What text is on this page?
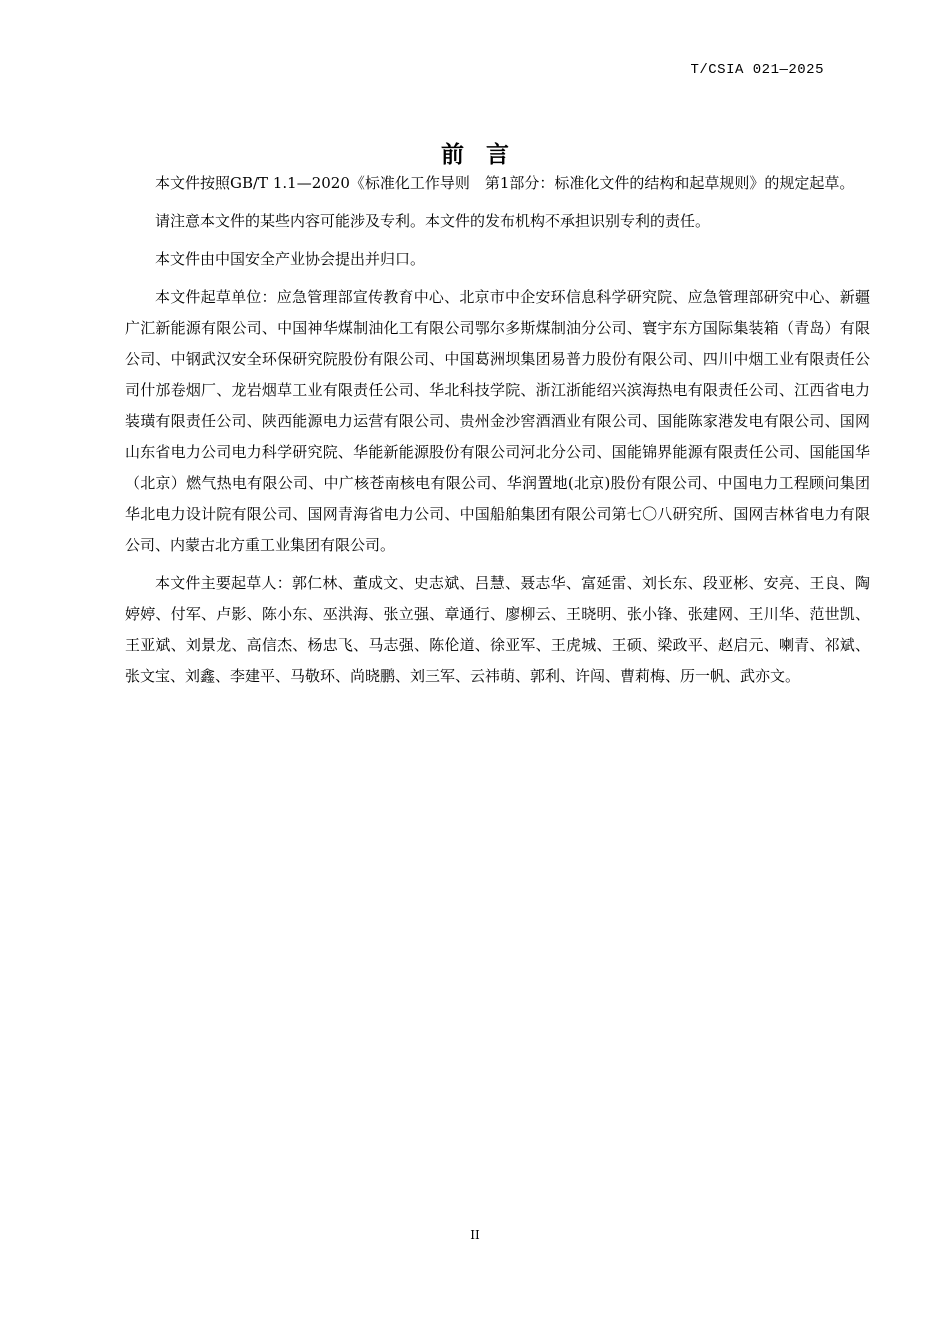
T/CSIA 021—2025
前言

本文件按照GB/T 1.1—2020《标准化工作导则　第1部分：标准化文件的结构和起草规则》的规定起草。

请注意本文件的某些内容可能涉及专利。本文件的发布机构不承担识别专利的责任。

本文件由中国安全产业协会提出并归口。

本文件起草单位：应急管理部宣传教育中心、北京市中企安环信息科学研究院、应急管理部研究中心、新疆广汇新能源有限公司、中国神华煤制油化工有限公司鄂尔多斯煤制油分公司、寰宇东方国际集装箱（青岛）有限公司、中钢武汉安全环保研究院股份有限公司、中国葛洲坝集团易普力股份有限公司、四川中烟工业有限责任公司什邡卷烟厂、龙岩烟草工业有限责任公司、华北科技学院、浙江浙能绍兴滨海热电有限责任公司、江西省电力装璜有限责任公司、陕西能源电力运营有限公司、贵州金沙窖酒酒业有限公司、国能陈家港发电有限公司、国网山东省电力公司电力科学研究院、华能新能源股份有限公司河北分公司、国能锦界能源有限责任公司、国能国华（北京）燃气热电有限公司、中广核苍南核电有限公司、华润置地(北京)股份有限公司、中国电力工程顾问集团华北电力设计院有限公司、国网青海省电力公司、中国船舶集团有限公司第七〇八研究所、国网吉林省电力有限公司、内蒙古北方重工业集团有限公司。

本文件主要起草人：郭仁林、董成文、史志斌、吕慧、聂志华、富延雷、刘长东、段亚彬、安亮、王良、陶婷婷、付军、卢影、陈小东、巫洪海、张立强、章通行、廖柳云、王晓明、张小锋、张建网、王川华、范世凯、王亚斌、刘景龙、高信杰、杨忠飞、马志强、陈伦道、徐亚军、王虎城、王硕、梁政平、赵启元、喇青、祁斌、张文宝、刘鑫、李建平、马敬环、尚晓鹏、刘三军、云祎萌、郭利、许闯、曹莉梅、历一帆、武亦文。

II
